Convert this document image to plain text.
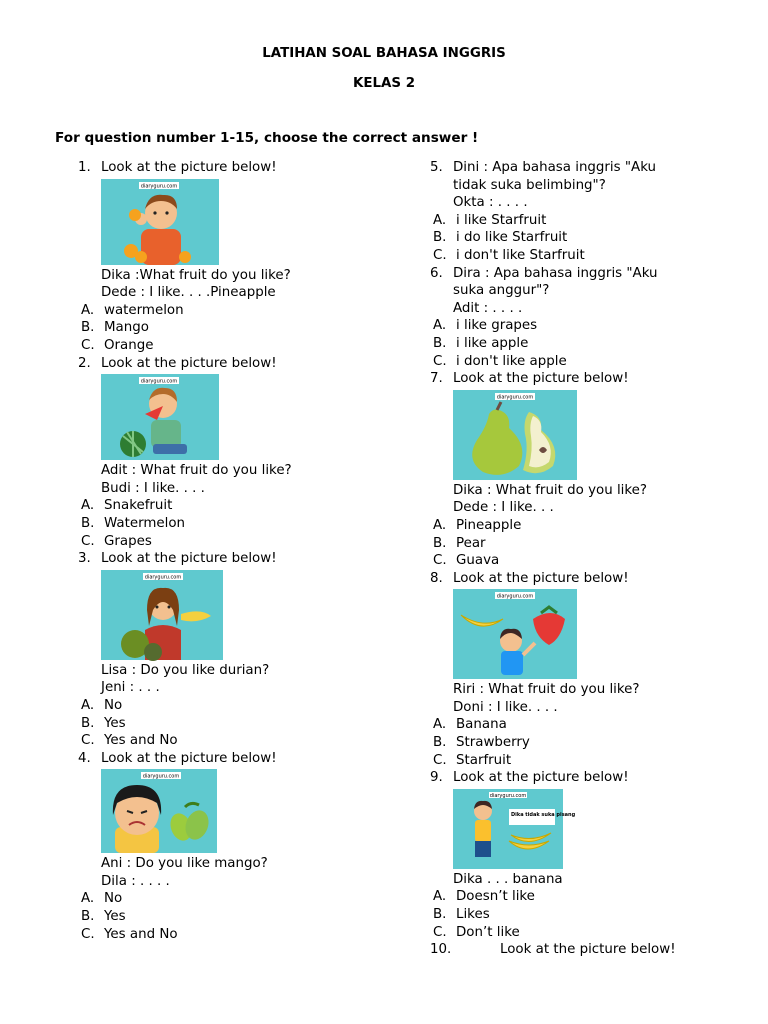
LATIHAN SOAL BAHASA INGGRIS
KELAS 2
For question number 1-15, choose the correct answer !
1. Look at the picture below!
diaryguru.com
Dika :What fruit do you like?
Dede : I like. . . .Pineapple
A. watermelon
B. Mango
C. Orange
2. Look at the picture below!
diaryguru.com
Adit : What fruit do you like?
Budi : I like. . . .
A. Snakefruit
B. Watermelon
C. Grapes
3. Look at the picture below!
diaryguru.com
Lisa : Do you like durian?
Jeni : . . .
A. No
B. Yes
C. Yes and No
4. Look at the picture below!
diaryguru.com
Ani : Do you like mango?
Dila : . . . .
A. No
B. Yes
C. Yes and No
5. Dini : Apa bahasa inggris "Aku
tidak suka belimbing"?
Okta : . . . .
A. i like Starfruit
B. i do like Starfruit
C. i don't like Starfruit
6. Dira : Apa bahasa inggris "Aku
suka anggur"?
Adit : . . . .
A. i like grapes
B. i like apple
C. i don't like apple
7. Look at the picture below!
diaryguru.com
Dika : What fruit do you like?
Dede : I like. . .
A. Pineapple
B. Pear
C. Guava
8. Look at the picture below!
diaryguru.com
Riri : What fruit do you like?
Doni : I like. . . .
A. Banana
B. Strawberry
C. Starfruit
9. Look at the picture below!
diaryguru.com
Dika tidak suka pisang
Dika . . . banana
A. Doesn’t like
B. Likes
C. Don’t like
10.	Look at the picture below!
